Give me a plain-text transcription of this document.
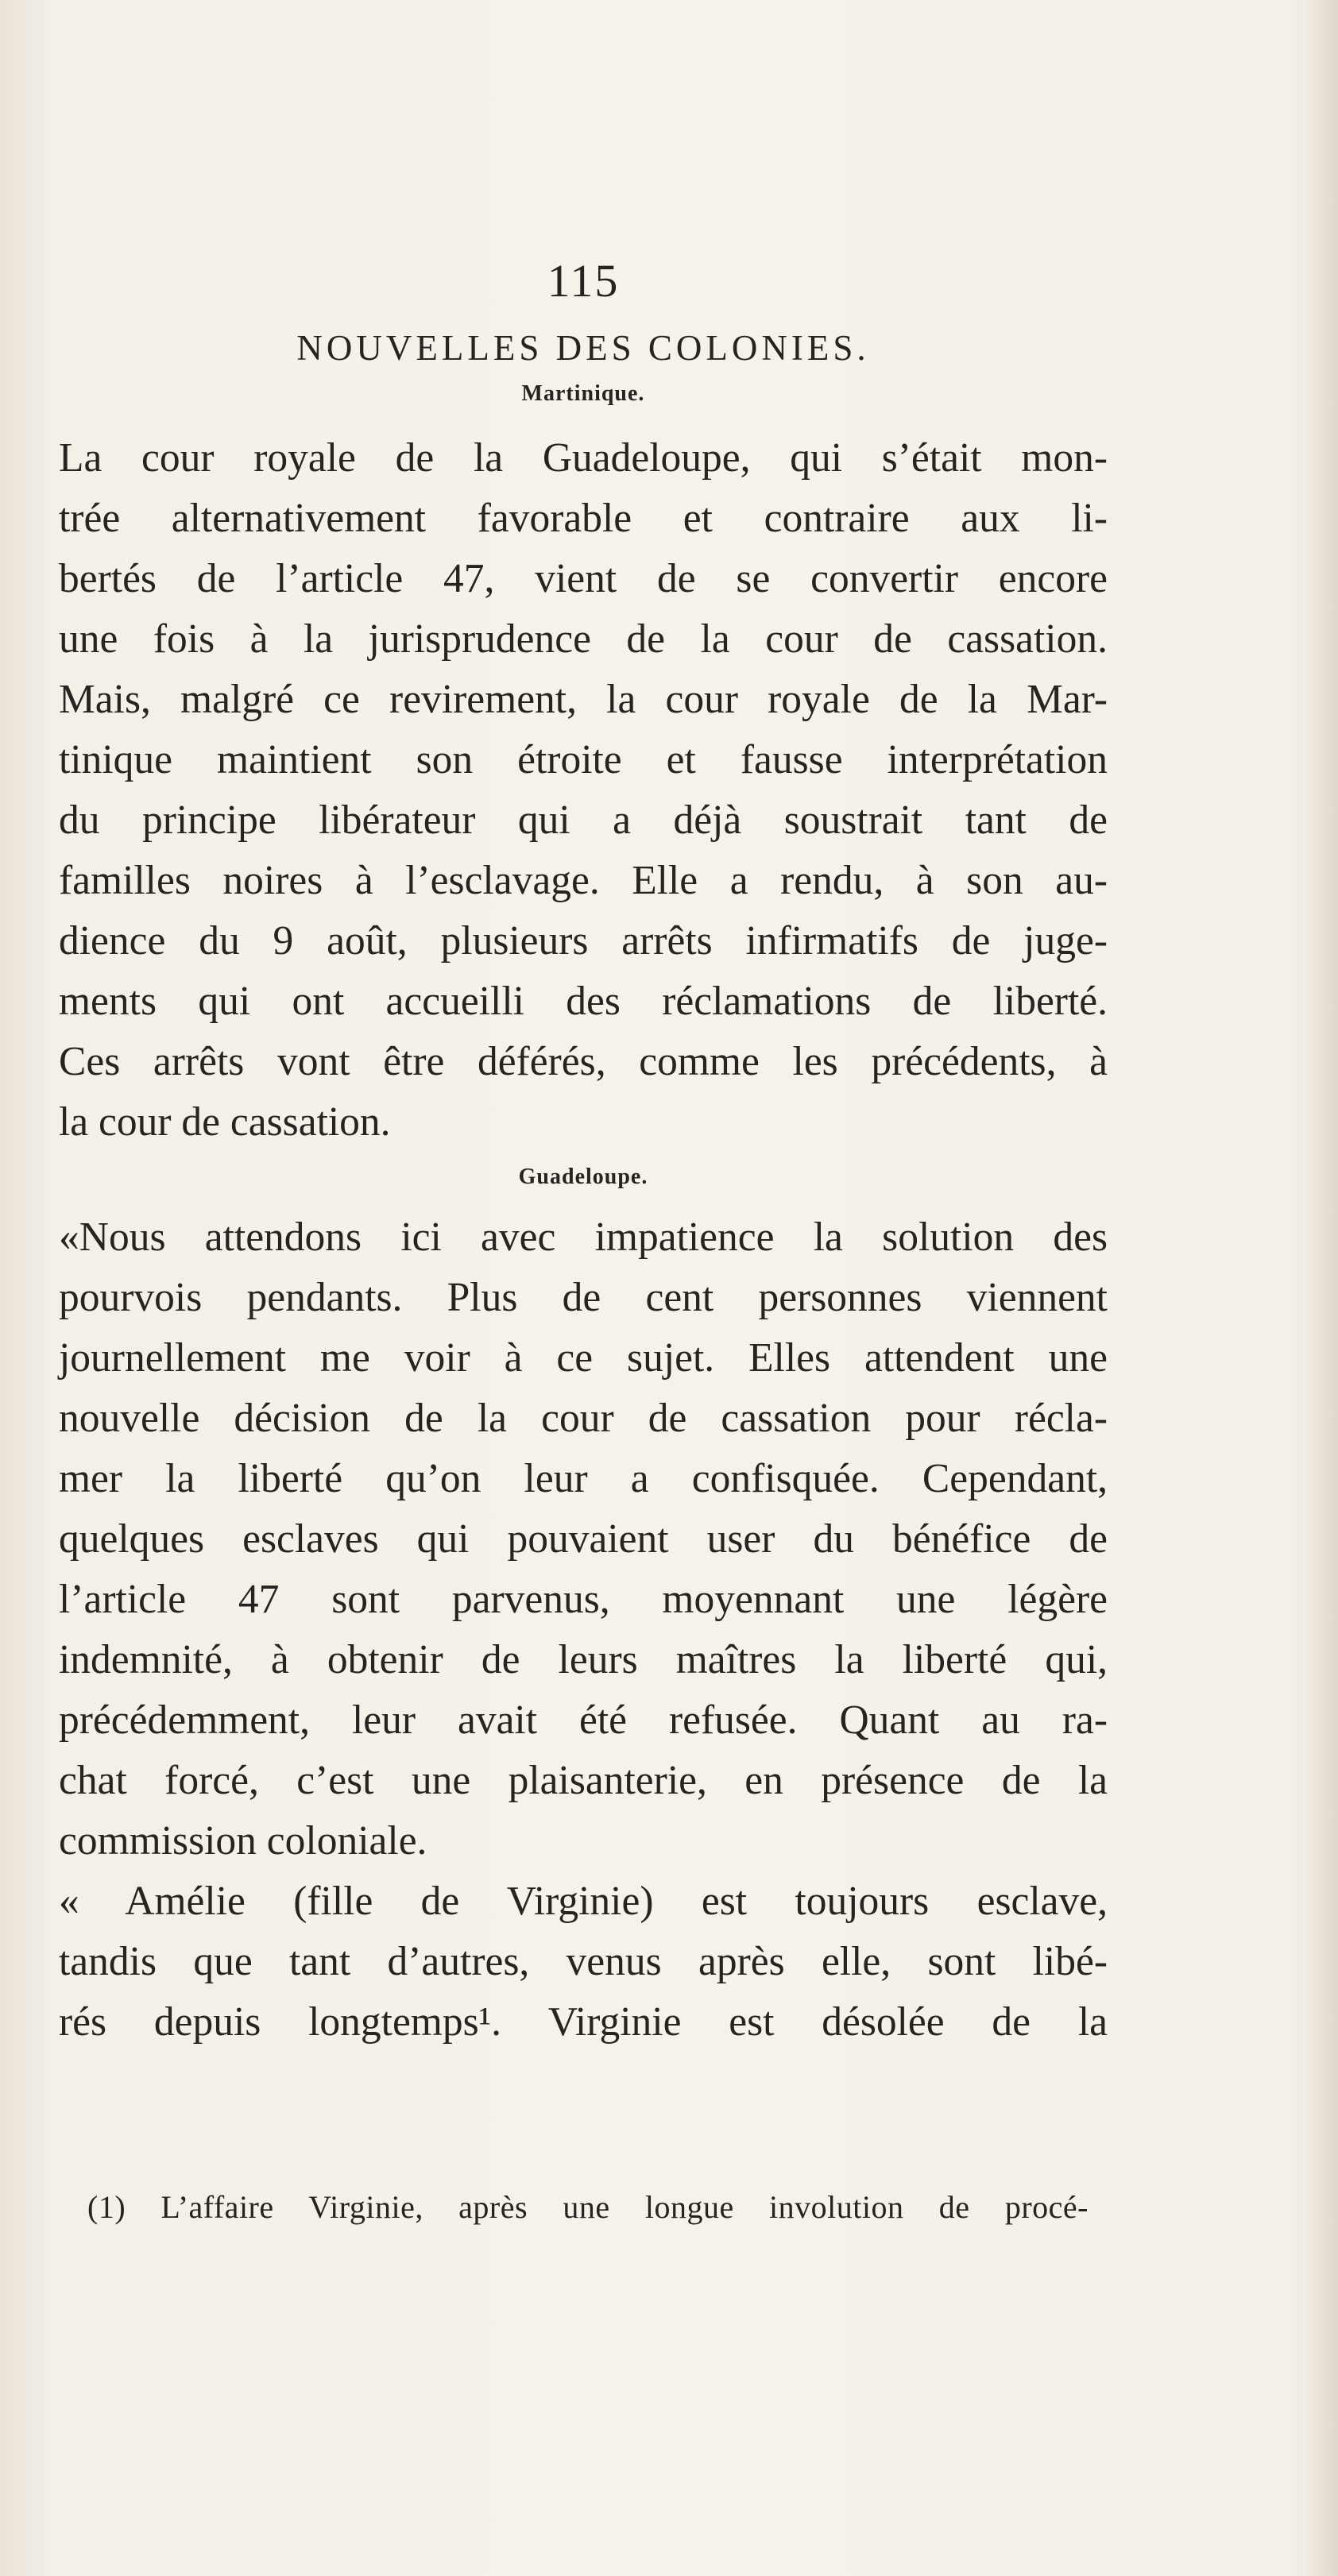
115
NOUVELLES DES COLONIES.
Martinique.

La cour royale de la Guadeloupe, qui s’était mon-
trée alternativement favorable et contraire aux li-
bertés de l’article 47, vient de se convertir encore
une fois à la jurisprudence de la cour de cassation.
Mais, malgré ce revirement, la cour royale de la Mar-
tinique maintient son étroite et fausse interprétation
du principe libérateur qui a déjà soustrait tant de
familles noires à l’esclavage. Elle a rendu, à son au-
dience du 9 août, plusieurs arrêts infirmatifs de juge-
ments qui ont accueilli des réclamations de liberté.
Ces arrêts vont être déférés, comme les précédents, à
la cour de cassation.

Guadeloupe.

«Nous attendons ici avec impatience la solution des
pourvois pendants. Plus de cent personnes viennent
journellement me voir à ce sujet. Elles attendent une
nouvelle décision de la cour de cassation pour récla-
mer la liberté qu’on leur a confisquée. Cependant,
quelques esclaves qui pouvaient user du bénéfice de
l’article 47 sont parvenus, moyennant une légère
indemnité, à obtenir de leurs maîtres la liberté qui,
précédemment, leur avait été refusée. Quant au ra-
chat forcé, c’est une plaisanterie, en présence de la
commission coloniale.

« Amélie (fille de Virginie) est toujours esclave,
tandis que tant d’autres, venus après elle, sont libé-
rés depuis longtemps¹. Virginie est désolée de la

(1) L’affaire Virginie, après une longue involution de procé-
